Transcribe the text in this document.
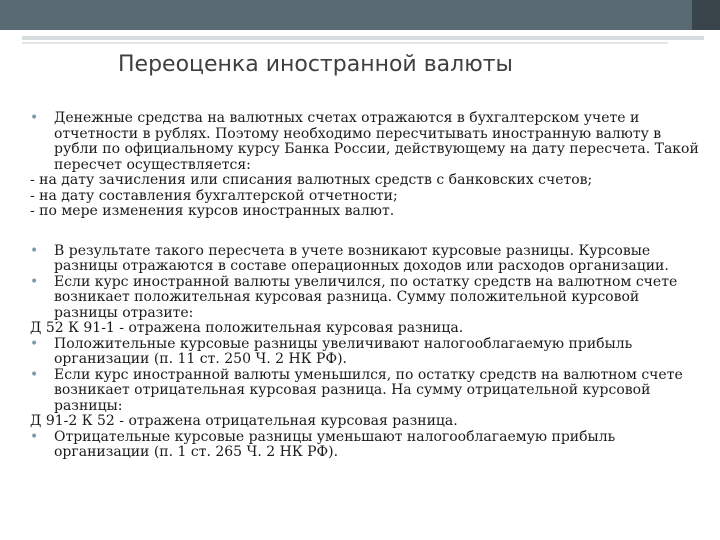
Переоценка иностранной валюты
• Денежные средства на валютных счетах отражаются в бухгалтерском учете и отчетности в рублях. Поэтому необходимо пересчитывать иностранную валюту в рубли по официальному курсу Банка России, действующему на дату пересчета. Такой пересчет осуществляется:
- на дату зачисления или списания валютных средств с банковских счетов;
- на дату составления бухгалтерской отчетности;
- по мере изменения курсов иностранных валют.
• В результате такого пересчета в учете возникают курсовые разницы. Курсовые разницы отражаются в составе операционных доходов или расходов организации.
• Если курс иностранной валюты увеличился, по остатку средств на валютном счете возникает положительная курсовая разница. Сумму положительной курсовой разницы отразите:
Д 52 К 91-1 - отражена положительная курсовая разница.
• Положительные курсовые разницы увеличивают налогооблагаемую прибыль организации (п. 11 ст. 250 Ч. 2 НК РФ).
• Если курс иностранной валюты уменьшился, по остатку средств на валютном счете возникает отрицательная курсовая разница. На сумму отрицательной курсовой разницы:
Д 91-2 К 52 - отражена отрицательная курсовая разница.
• Отрицательные курсовые разницы уменьшают налогооблагаемую прибыль организации (п. 1 ст. 265 Ч. 2 НК РФ).
